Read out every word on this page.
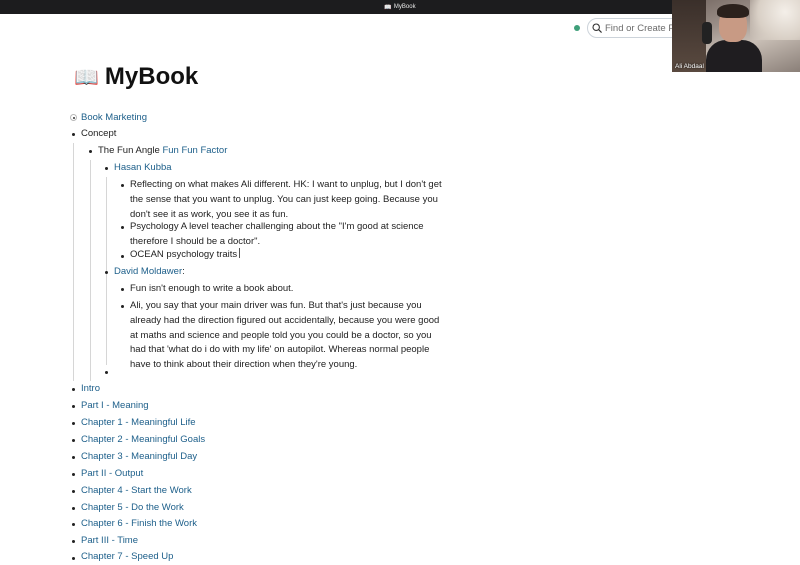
📖 MyBook
Find or Create Page
Ali Abdaal
📖 MyBook
Book Marketing
Concept
The Fun Angle Fun Fun Factor
Hasan Kubba
Reflecting on what makes Ali different. HK: I want to unplug, but I don't get the sense that you want to unplug. You can just keep going. Because you don't see it as work, you see it as fun.
Psychology A level teacher challenging about the "I'm good at science therefore I should be a doctor".
OCEAN psychology traits
David Moldawer:
Fun isn't enough to write a book about.
Ali, you say that your main driver was fun. But that's just because you already had the direction figured out accidentally, because you were good at maths and science and people told you you could be a doctor, so you had that 'what do i do with my life' on autopilot. Whereas normal people have to think about their direction when they're young.
Intro
Part I - Meaning
Chapter 1 - Meaningful Life
Chapter 2 - Meaningful Goals
Chapter 3 - Meaningful Day
Part II - Output
Chapter 4 - Start the Work
Chapter 5 - Do the Work
Chapter 6 - Finish the Work
Part III - Time
Chapter 7 - Speed Up
